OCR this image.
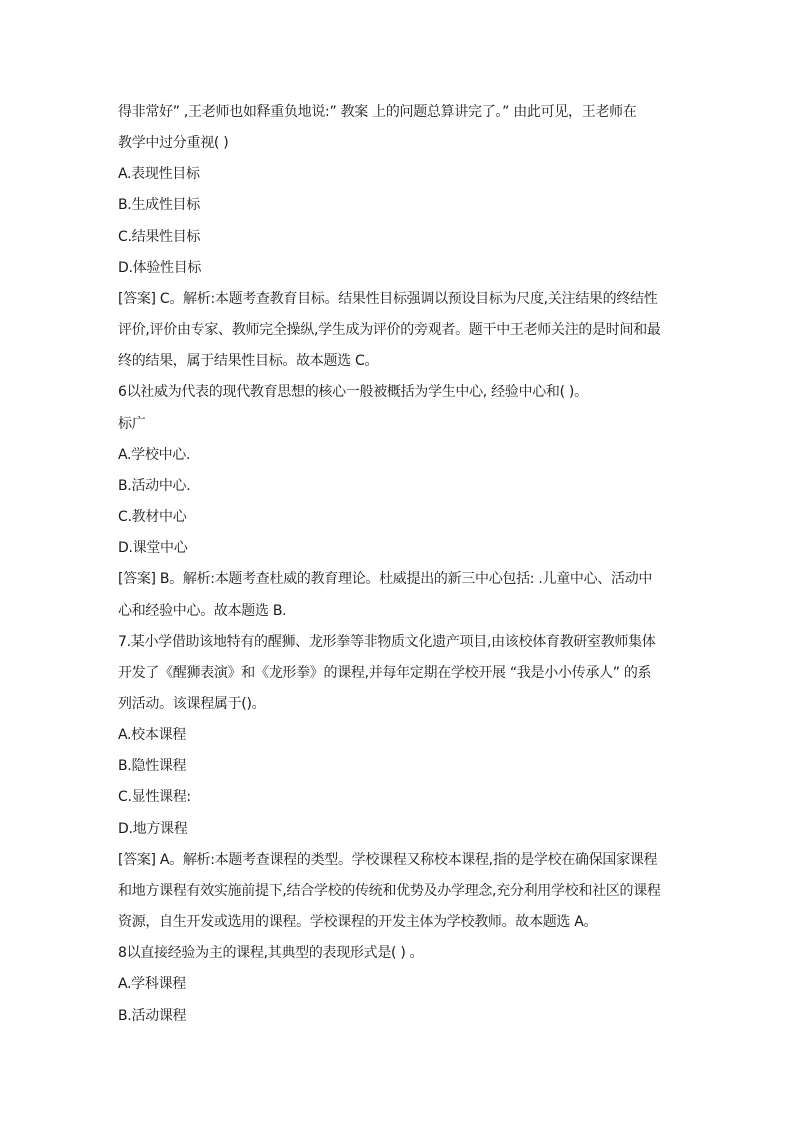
得非常好” ,王老师也如释重负地说:” 教案 上的问题总算讲完了。” 由此可见，王老师在
教学中过分重视( )
A.表现性目标
B.生成性目标
C.结果性目标
D.体验性目标
[答案] C。解析:本题考查教育目标。结果性目标强调以预设目标为尺度,关注结果的终结性
评价,评价由专家、教师完全操纵,学生成为评价的旁观者。题干中王老师关注的是时间和最
终的结果，属于结果性目标。故本题选 C。
6以社威为代表的现代教育思想的核心一般被概括为学生中心, 经验中心和( )。
标广
A.学校中心.
B.活动中心.
C.教材中心
D.课堂中心
[答案] B。解析:本题考查杜威的教育理论。杜威提出的新三中心包括: .儿童中心、活动中
心和经验中心。故本题选 B.
7.某小学借助该地特有的醒狮、龙形拳等非物质文化遗产项目,由该校体育教研室教师集体
开发了《醒狮表演》和《龙形拳》的课程,并每年定期在学校开展 “我是小小传承人” 的系
列活动。该课程属于()。
A.校本课程
B.隐性课程
C.显性课程:
D.地方课程
[答案] A。解析:本题考查课程的类型。学校课程又称校本课程,指的是学校在确保国家课程
和地方课程有效实施前提下,结合学校的传统和优势及办学理念,充分利用学校和社区的课程
资源，自生开发或选用的课程。学校课程的开发主体为学校教师。故本题选 A。
8以直接经验为主的课程,其典型的表现形式是( ) 。
A.学科课程
B.活动课程
